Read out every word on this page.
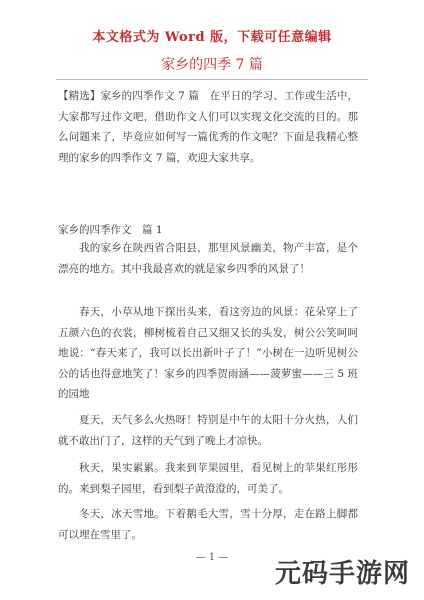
本文格式为 Word 版，下载可任意编辑
家乡的四季 7 篇
【精选】家乡的四季作文 7 篇　在平日的学习、工作或生活中，大家都写过作文吧，借助作文人们可以实现文化交流的目的。那么问题来了，毕竟应如何写一篇优秀的作文呢？下面是我精心整理的家乡的四季作文 7 篇，欢迎大家共享。
家乡的四季作文　篇 1
我的家乡在陕西省合阳县，那里风景幽美，物产丰富，是个漂亮的地方。其中我最喜欢的就是家乡四季的风景了！
春天，小草从地下探出头来，看这旁边的风景：花朵穿上了五颜六色的衣裳，柳树梳着自己又细又长的头发，树公公笑呵呵地说：“春天来了，我可以长出新叶子了！”小树在一边听见树公公的话也得意地笑了！家乡的四季贺雨涵——菠萝蜜——三 5 班的园地
夏天，天气多么火热呀！特别是中午的太阳十分火热，人们就不敢出门了，这样的天气到了晚上才凉快。
秋天，果实累累。我来到苹果园里，看见树上的苹果红彤彤的。来到梨子园里，看到梨子黄澄澄的，可美了。
冬天，冰天雪地。下着鹅毛大雪，雪十分厚，走在路上脚都可以埋在雪里了。
— 1 —
元码手游网
